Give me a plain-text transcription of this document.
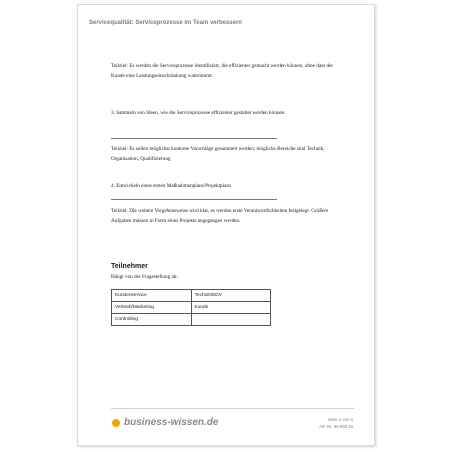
Servicequalität: Serviceprozesse im Team verbessern
Teilziel: Es werden die Serviceprozesse identifiziert, die effizienter gemacht werden können, ohne dass der Kunde eine Leistungseinschränkung wahrnimmt.
3. Sammeln von Ideen, wie die Serviceprozesse effizienter gestaltet werden können.
Teilziel: Es sollen möglichst konkrete Vorschläge gesammelt werden; mögliche Bereiche sind Technik, Organisation, Qualifizierung
4. Entwickeln eines ersten Maßnahmenplans/Projektplans
Teilziel: Die weitere Vorgehensweise wird klar, es werden erste Verantwortlichkeiten festgelegt. Größere Aufgaben müssen in Form eines Projekts angegangen werden.
Teilnehmer
Hängt von der Fragestellung ab:
Kundenservice	Technik/EDV
Vertrieb/Marketing	Kunde
Controlling	
business-wissen.de	Seite 2 von 6
Art.-Nr. 99.998.16
